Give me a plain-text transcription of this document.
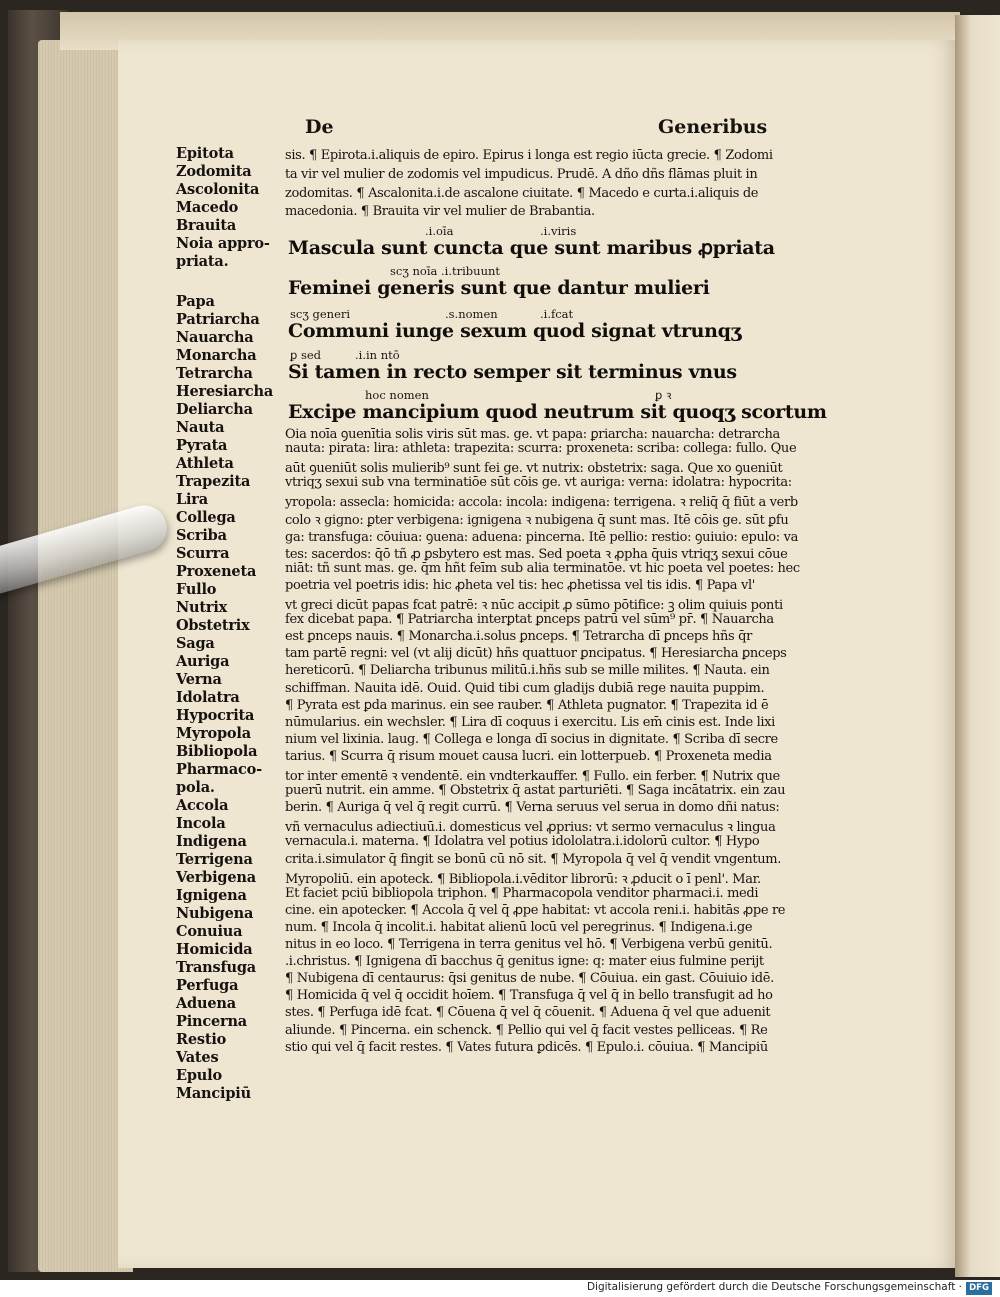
De	Generibus
Epitota
Zodomita
Ascolonita
Macedo
Brauita
Noia appro-
priata.
Papa
Patriarcha
Nauarcha
Monarcha
Tetrarcha
Heresiarcha
Deliarcha
Nauta
Pyrata
Athleta
Trapezita
Lira
Collega
Scriba
Scurra
Proxeneta
Fullo
Nutrix
Obstetrix
Saga
Auriga
Verna
Idolatra
Hypocrita
Myropola
Bibliopola
Pharmaco-
pola.
Accola
Incola
Indigena
Terrigena
Verbigena
Ignigena
Nubigena
Conuiua
Homicida
Transfuga
Perfuga
Aduena
Pincerna
Restio
Vates
Epulo
Mancipiū
sis. ¶ Epirota.i.aliquis de epiro. Epirus i longa est regio iūcta grecie. ¶ Zodomi
ta vir vel mulier de zodomis vel impudicus. Prudē. A dño dñs flāmas pluit in
zodomitas. ¶ Ascalonita.i.de ascalone ciuitate. ¶ Macedo e curta.i.aliquis de
macedonia. ¶ Brauita vir vel mulier de Brabantia.
.i.oīa	.i.viris
Mascula sunt cuncta que sunt maribus ꝓpriata
scʒ noīa .i.tribuunt
Feminei generis sunt que dantur mulieri
scʒ generi	.s.nomen	.i.fcat
Communi iunge sexum quod signat vtrunqʒ
ꝑ sed	.i.in ntō
Si tamen in recto semper sit terminus vnus
hoc nomen	ꝑ ꝛ
Excipe mancipium quod neutrum sit quoqʒ scortum
Oia noīa ꝯuenītia solis viris sūt mas. ge. vt papa: ꝑriarcha: nauarcha: detrarcha
nauta: pirata: lira: athleta: trapezita: scurra: proxeneta: scriba: collega: fullo. Que
aūt ꝯueniūt solis mulierib⁹ sunt fei ge. vt nutrix: obstetrix: saga. Que xo ꝯueniūt
vtriqʒ sexui sub vna terminatiōe sūt cōis ge. vt auriga: verna: idolatra: hypocrita:
yropola: assecla: homicida: accola: incola: indigena: terrigena. ꝛ reliq̄ q̄ fiūt a verb
colo ꝛ gigno: ꝑter verbigena: ignigena ꝛ nubigena q̄ sunt mas. Itē cōis ge. sūt ꝑfu
ga: transfuga: cōuiua: ꝯuena: aduena: pincerna. Itē pellio: restio: ꝯuiuio: epulo: va
tes: sacerdos: q̄ō tñ ꝓ ꝑsbytero est mas. Sed poeta ꝛ ꝓpha q̄uis vtriqʒ sexui cōue
niāt: tñ sunt mas. ge. q̄m hñt feīm sub alia terminatōe. vt hic poeta vel poetes: hec
poetria vel poetris idis: hic ꝓheta vel tis: hec ꝓhetissa vel tis idis. ¶ Papa vl'
vt greci dicūt papas fcat patrē: ꝛ nūc accipit ꝓ sūmo pōtifice: ꝫ olim quiuis ponti
fex dicebat papa. ¶ Patriarcha interꝑtat ꝑnceps patrū vel sūm⁹ pr̄. ¶ Nauarcha
est ꝑnceps nauis. ¶ Monarcha.i.solus ꝑnceps. ¶ Tetrarcha dī ꝑnceps hñs q̄r
tam partē regni: vel (vt alij dicūt) hñs quattuor ꝑncipatus. ¶ Heresiarcha ꝑnceps
hereticorū. ¶ Deliarcha tribunus militū.i.hñs sub se mille milites. ¶ Nauta. ein
schiffman. Nauita idē. Ouid. Quid tibi cum gladijs dubiā rege nauita puppim.
¶ Pyrata est ꝑda marinus. ein see rauber. ¶ Athleta pugnator. ¶ Trapezita id ē
nūmularius. ein wechsler. ¶ Lira dī coquus i exercitu. Lis em̄ cinis est. Inde lixi
nium vel lixinia. laug. ¶ Collega e longa dī socius in dignitate. ¶ Scriba dī secre
tarius. ¶ Scurra q̄ risum mouet causa lucri. ein lotterpueb. ¶ Proxeneta media
tor inter ementē ꝛ vendentē. ein vndterkauffer. ¶ Fullo. ein ferber. ¶ Nutrix que
puerū nutrit. ein amme. ¶ Obstetrix q̄ astat parturiēti. ¶ Saga incātatrix. ein zau
berin. ¶ Auriga q̄ vel q̄ regit currū. ¶ Verna seruus vel serua in domo dñi natus:
vñ vernaculus adiectiuū.i. domesticus vel ꝓprius: vt sermo vernaculus ꝛ lingua
vernacula.i. materna. ¶ Idolatra vel potius idololatra.i.idolorū cultor. ¶ Hypo
crita.i.simulator q̄ fingit se bonū cū nō sit. ¶ Myropola q̄ vel q̄ vendit vngentum.
Myropoliū. ein apoteck. ¶ Bibliopola.i.vēditor librorū: ꝛ ꝓducit o ī penl'. Mar.
Et faciet pciū bibliopola triphon. ¶ Pharmacopola venditor pharmaci.i. medi
cine. ein apotecker. ¶ Accola q̄ vel q̄ ꝓpe habitat: vt accola reni.i. habitās ꝓpe re
num. ¶ Incola q̄ incolit.i. habitat alienū locū vel peregrinus. ¶ Indigena.i.ge
nitus in eo loco. ¶ Terrigena in terra genitus vel hō. ¶ Verbigena verbū genitū.
.i.christus. ¶ Ignigena dī bacchus q̄ genitus igne: q: mater eius fulmine perijt
¶ Nubigena dī centaurus: q̄si genitus de nube. ¶ Cōuiua. ein gast. Cōuiuio idē.
¶ Homicida q̄ vel q̄ occidit hoīem. ¶ Transfuga q̄ vel q̄ in bello transfugit ad ho
stes. ¶ Perfuga idē fcat. ¶ Cōuena q̄ vel q̄ cōuenit. ¶ Aduena q̄ vel que aduenit
aliunde. ¶ Pincerna. ein schenck. ¶ Pellio qui vel q̄ facit vestes pelliceas. ¶ Re
stio qui vel q̄ facit restes. ¶ Vates futura ꝑdicēs. ¶ Epulo.i. cōuiua. ¶ Mancipiū
Digitalisierung gefördert durch die Deutsche Forschungsgemeinschaft · DFG
